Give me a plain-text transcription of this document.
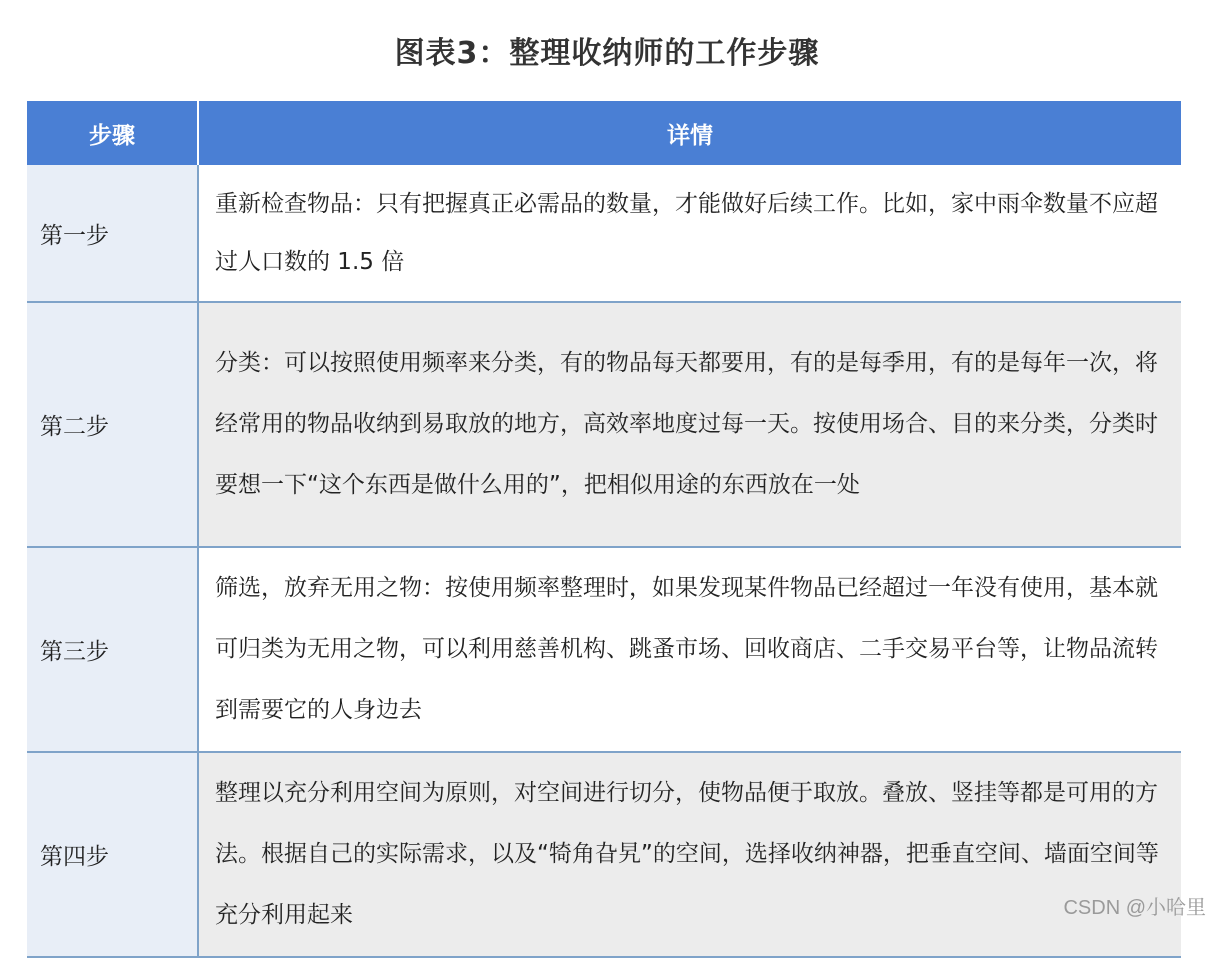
图表3：整理收纳师的工作步骤
步骤	详情
第一步	重新检查物品：只有把握真正必需品的数量，才能做好后续工作。比如，家中雨伞数量不应超过人口数的 1.5 倍
第二步	分类：可以按照使用频率来分类，有的物品每天都要用，有的是每季用，有的是每年一次，将经常用的物品收纳到易取放的地方，高效率地度过每一天。按使用场合、目的来分类，分类时要想一下“这个东西是做什么用的”，把相似用途的东西放在一处
第三步	筛选，放弃无用之物：按使用频率整理时，如果发现某件物品已经超过一年没有使用，基本就可归类为无用之物，可以利用慈善机构、跳蚤市场、回收商店、二手交易平台等，让物品流转到需要它的人身边去
第四步	整理以充分利用空间为原则，对空间进行切分，使物品便于取放。叠放、竖挂等都是可用的方法。根据自己的实际需求，以及“犄角旮旯”的空间，选择收纳神器，把垂直空间、墙面空间等充分利用起来	CSDN @小哈里
